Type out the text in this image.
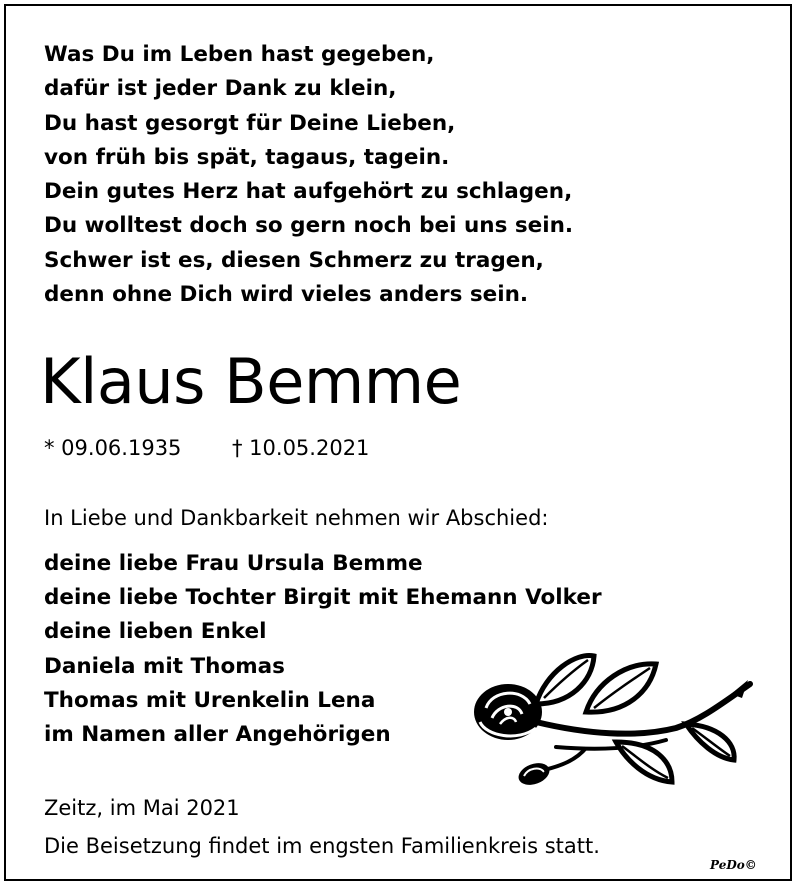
Was Du im Leben hast gegeben,
dafür ist jeder Dank zu klein,
Du hast gesorgt für Deine Lieben,
von früh bis spät, tagaus, tagein.
Dein gutes Herz hat aufgehört zu schlagen,
Du wolltest doch so gern noch bei uns sein.
Schwer ist es, diesen Schmerz zu tragen,
denn ohne Dich wird vieles anders sein.
Klaus Bemme
* 09.06.1935 † 10.05.2021
In Liebe und Dankbarkeit nehmen wir Abschied:
deine liebe Frau Ursula Bemme
deine liebe Tochter Birgit mit Ehemann Volker
deine lieben Enkel
Daniela mit Thomas
Thomas mit Urenkelin Lena
im Namen aller Angehörigen
Zeitz, im Mai 2021
Die Beisetzung findet im engsten Familienkreis statt.
PeDo©
